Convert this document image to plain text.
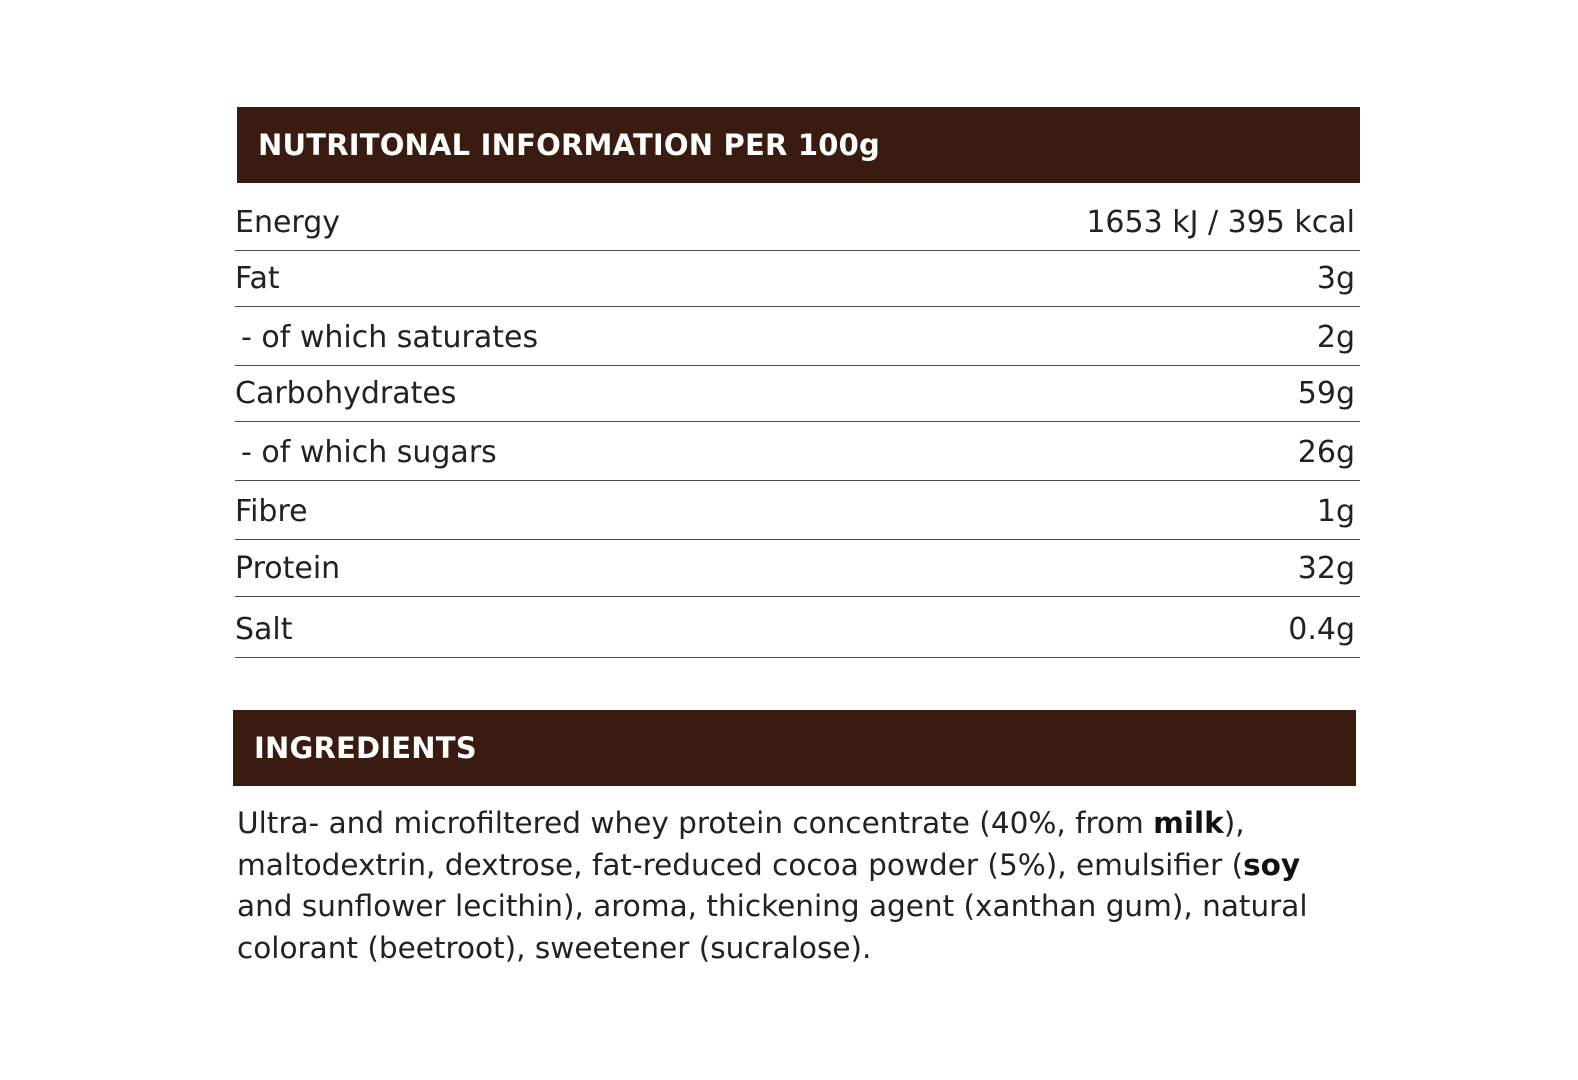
NUTRITONAL INFORMATION PER 100g
Energy	1653 kJ / 395 kcal
Fat	3g
- of which saturates	2g
Carbohydrates	59g
- of which sugars	26g
Fibre	1g
Protein	32g
Salt	0.4g
INGREDIENTS
Ultra- and microfiltered whey protein concentrate (40%, from milk), maltodextrin, dextrose, fat-reduced cocoa powder (5%), emulsifier (soy and sunflower lecithin), aroma, thickening agent (xanthan gum), natural colorant (beetroot), sweetener (sucralose).
